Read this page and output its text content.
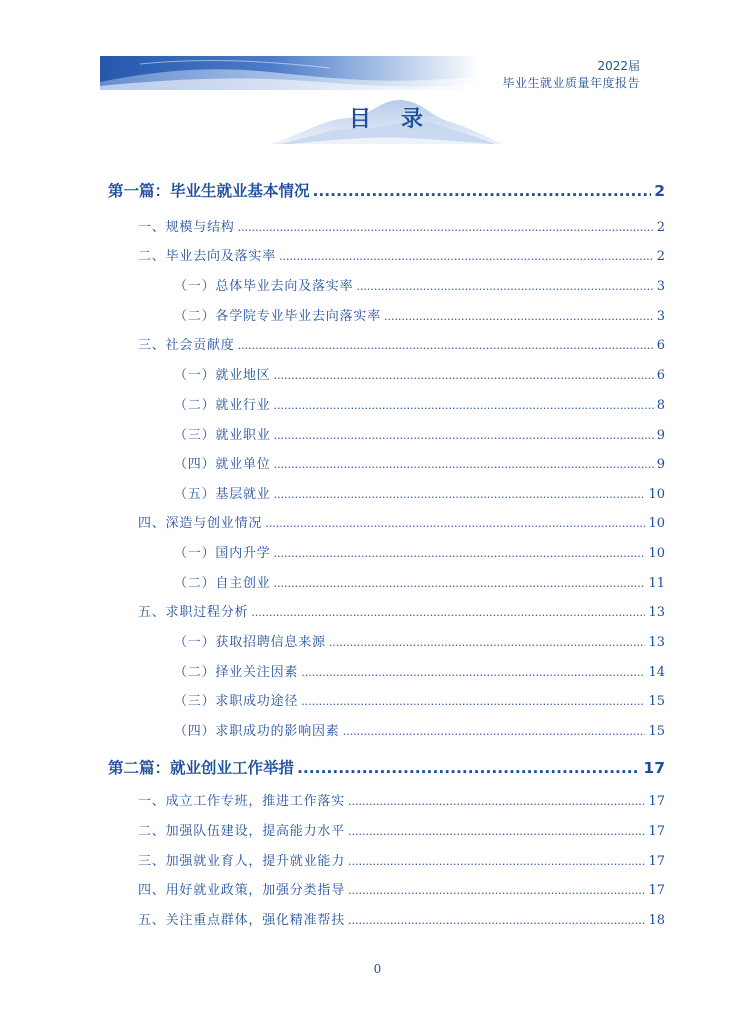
2022届
毕业生就业质量年度报告
目录
第一篇：毕业生就业基本情况 .....	2
一、规模与结构 .....	2
二、毕业去向及落实率 .....	2
（一）总体毕业去向及落实率 .....	3
（二）各学院专业毕业去向落实率 .....	3
三、社会贡献度 .....	6
（一）就业地区 .....	6
（二）就业行业 .....	8
（三）就业职业 .....	9
（四）就业单位 .....	9
（五）基层就业 .....	10
四、深造与创业情况 .....	10
（一）国内升学 .....	10
（二）自主创业 .....	11
五、求职过程分析 .....	13
（一）获取招聘信息来源 .....	13
（二）择业关注因素 .....	14
（三）求职成功途径 .....	15
（四）求职成功的影响因素 .....	15
第二篇：就业创业工作举措 .....	17
一、成立工作专班，推进工作落实 .....	17
二、加强队伍建设，提高能力水平 .....	17
三、加强就业育人，提升就业能力 .....	17
四、用好就业政策，加强分类指导 .....	17
五、关注重点群体，强化精准帮扶 .....	18
0
